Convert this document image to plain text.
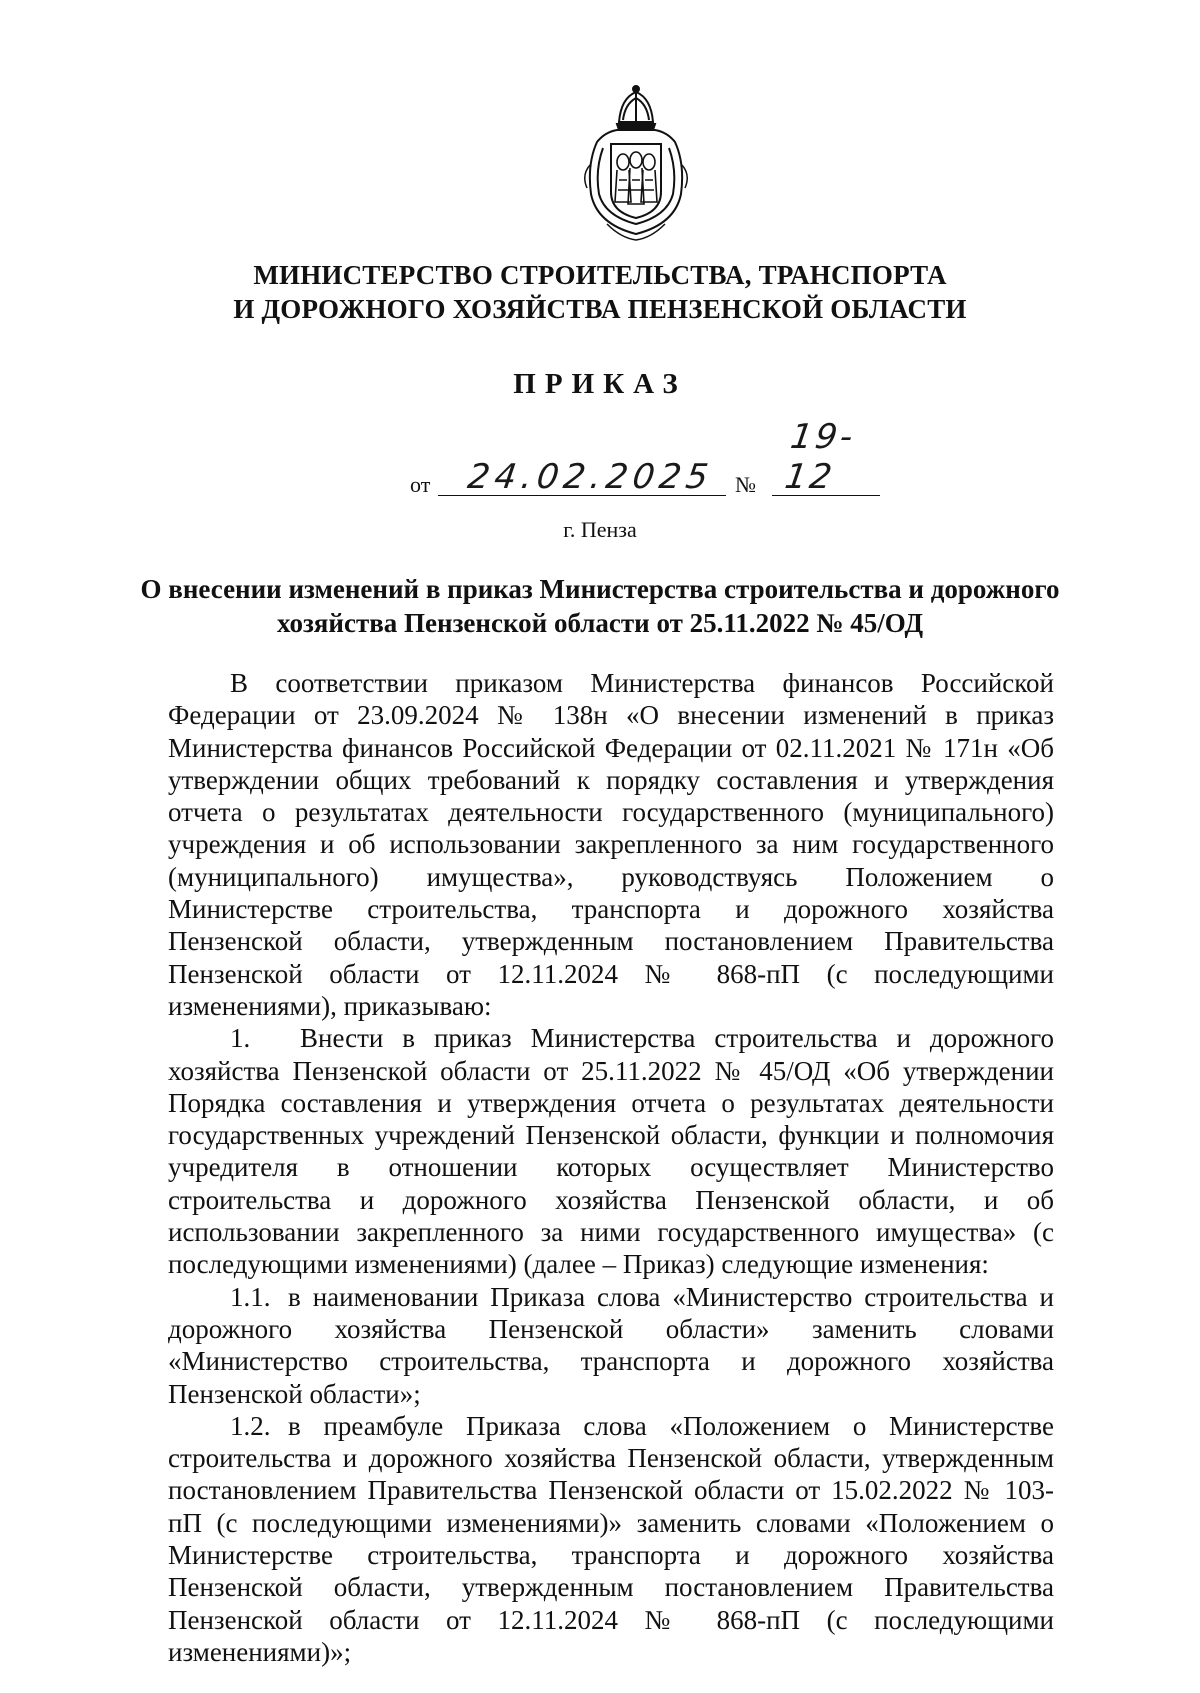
МИНИСТЕРСТВО СТРОИТЕЛЬСТВА, ТРАНСПОРТА
И ДОРОЖНОГО ХОЗЯЙСТВА ПЕНЗЕНСКОЙ ОБЛАСТИ
ПРИКАЗ
от 24.02.2025 №
19-12
г. Пенза
О внесении изменений в приказ Министерства строительства и дорожного
хозяйства Пензенской области от 25.11.2022 № 45/ОД

В соответствии приказом Министерства финансов Российской Федерации от 23.09.2024 № 138н «О внесении изменений в приказ Министерства финансов Российской Федерации от 02.11.2021 № 171н «Об утверждении общих требований к порядку составления и утверждения отчета о результатах деятельности государственного (муниципального) учреждения и об использовании закрепленного за ним государственного (муниципального) имущества», руководствуясь Положением о Министерстве строительства, транспорта и дорожного хозяйства Пензенской области, утвержденным постановлением Правительства Пензенской области от 12.11.2024 № 868-пП (с последующими изменениями), приказываю:

1. Внести в приказ Министерства строительства и дорожного хозяйства Пензенской области от 25.11.2022 № 45/ОД «Об утверждении Порядка составления и утверждения отчета о результатах деятельности государственных учреждений Пензенской области, функции и полномочия учредителя в отношении которых осуществляет Министерство строительства и дорожного хозяйства Пензенской области, и об использовании закрепленного за ними государственного имущества» (с последующими изменениями) (далее – Приказ) следующие изменения:

1.1. в наименовании Приказа слова «Министерство строительства и дорожного хозяйства Пензенской области» заменить словами «Министерство строительства, транспорта и дорожного хозяйства Пензенской области»;

1.2. в преамбуле Приказа слова «Положением о Министерстве строительства и дорожного хозяйства Пензенской области, утвержденным постановлением Правительства Пензенской области от 15.02.2022 № 103-пП (с последующими изменениями)» заменить словами «Положением о Министерстве строительства, транспорта и дорожного хозяйства Пензенской области, утвержденным постановлением Правительства Пензенской области от 12.11.2024 № 868-пП (с последующими изменениями)»;
